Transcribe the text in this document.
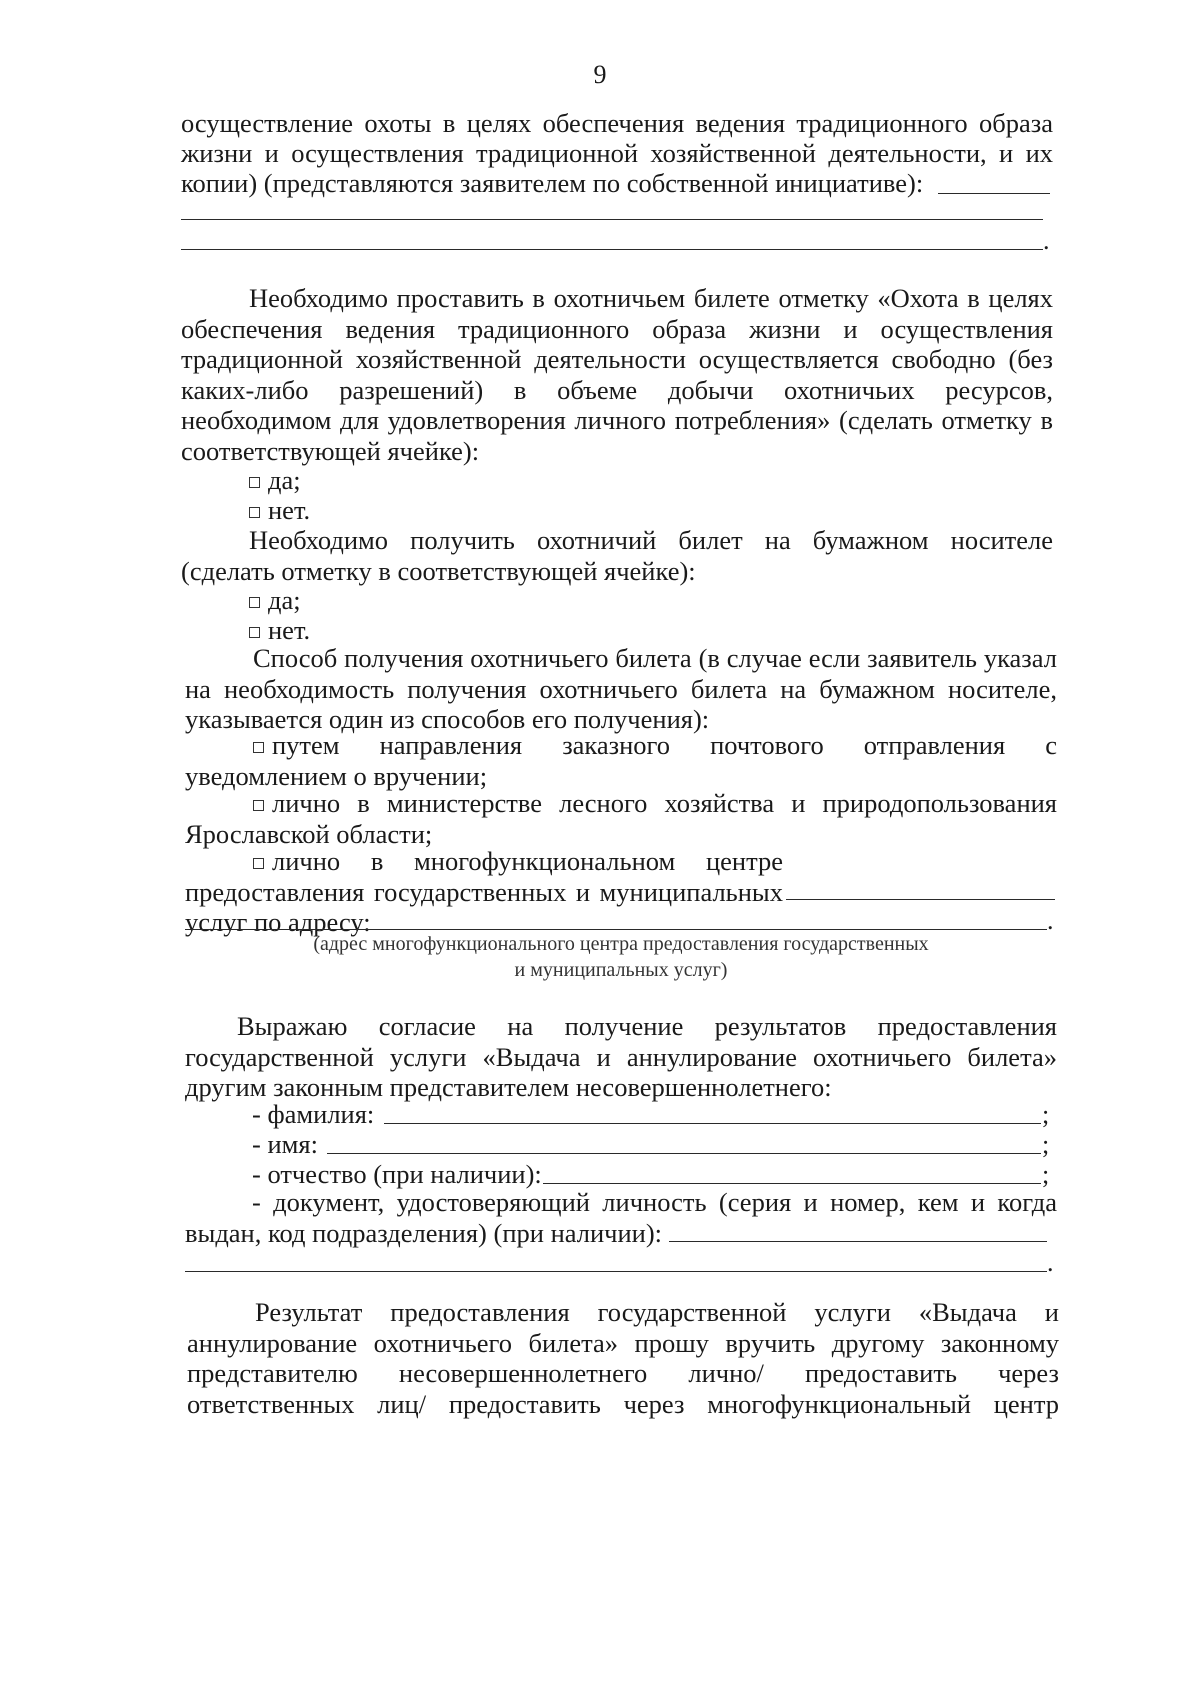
9
осуществление охоты в целях обеспечения ведения традиционного образа
жизни и осуществления традиционной хозяйственной деятельности, и их
копии) (представляются заявителем по собственной инициативе):
.
Необходимо проставить в охотничьем билете отметку «Охота в целях обеспечения ведения традиционного образа жизни и осуществления традиционной хозяйственной деятельности осуществляется свободно (без каких-либо разрешений) в объеме добычи охотничьих ресурсов, необходимом для удовлетворения личного потребления» (сделать отметку в соответствующей ячейке):
да;
нет.
Необходимо получить охотничий билет на бумажном носителе (сделать отметку в соответствующей ячейке):
да;
нет.
Способ получения охотничьего билета (в случае если заявитель указал на необходимость получения охотничьего билета на бумажном носителе, указывается один из способов его получения):
путем направления заказного почтового отправления с уведомлением о вручении;
лично в министерстве лесного хозяйства и природопользования Ярославской области;
лично в многофункциональном центре предоставления государственных и муниципальных услуг по адресу:	.
(адрес многофункционального центра предоставления государственных
и муниципальных услуг)
Выражаю согласие на получение результатов предоставления государственной услуги «Выдача и аннулирование охотничьего билета» другим законным представителем несовершеннолетнего:
- фамилия:	;
- имя:	;
- отчество (при наличии):	;
- документ, удостоверяющий личность (серия и номер, кем и когда выдан, код подразделения) (при наличии):
.
Результат предоставления государственной услуги «Выдача и аннулирование охотничьего билета» прошу вручить другому законному представителю несовершеннолетнего лично/ предоставить через ответственных лиц/ предоставить через многофункциональный центр
